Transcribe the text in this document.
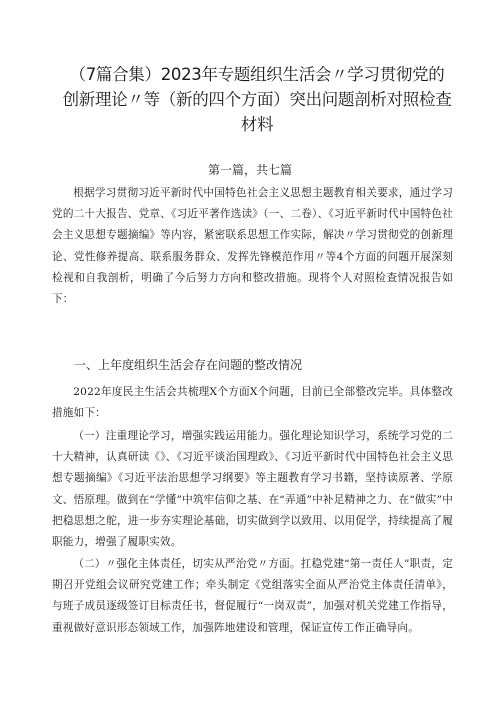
（7篇合集）2023年专题组织生活会〃学习贯彻党的创新理论〃等（新的四个方面）突出问题剖析对照检查材料
第一篇，共七篇

根据学习贯彻习近平新时代中国特色社会主义思想主题教育相关要求，通过学习党的二十大报告、党章、《习近平著作选读》（一、二卷）、《习近平新时代中国特色社会主义思想专题摘编》等内容，紧密联系思想工作实际，解决〃学习贯彻党的创新理论、党性修养提高、联系服务群众、发挥先锋模范作用〃等4个方面的问题开展深刻检视和自我剖析，明确了今后努力方向和整改措施。现将个人对照检查情况报告如下：

一、上年度组织生活会存在问题的整改情况

2022年度民主生活会共梳理X个方面X个问题，目前已全部整改完毕。具体整改措施如下：

（一）注重理论学习，增强实践运用能力。强化理论知识学习，系统学习党的二十大精神，认真研读《》、《习近平谈治国理政》、《习近平新时代中国特色社会主义思想专题摘编》《习近平法治思想学习纲要》等主题教育学习书籍，坚持读原著、学原文、悟原理。做到在“学懂”中筑牢信仰之基、在“弄通”中补足精神之力、在“做实”中把稳思想之舵，进一步夯实理论基础，切实做到学以致用、以用促学，持续提高了履职能力，增强了履职实效。

（二）〃强化主体责任，切实从严治党〃方面。扛稳党建“第一责任人”职责，定期召开党组会议研究党建工作；牵头制定《党组落实全面从严治党主体责任清单》，与班子成员逐级签订目标责任书，督促履行“一岗双责”，加强对机关党建工作指导，重视做好意识形态领域工作，加强阵地建设和管理，保证宣传工作正确导向。
